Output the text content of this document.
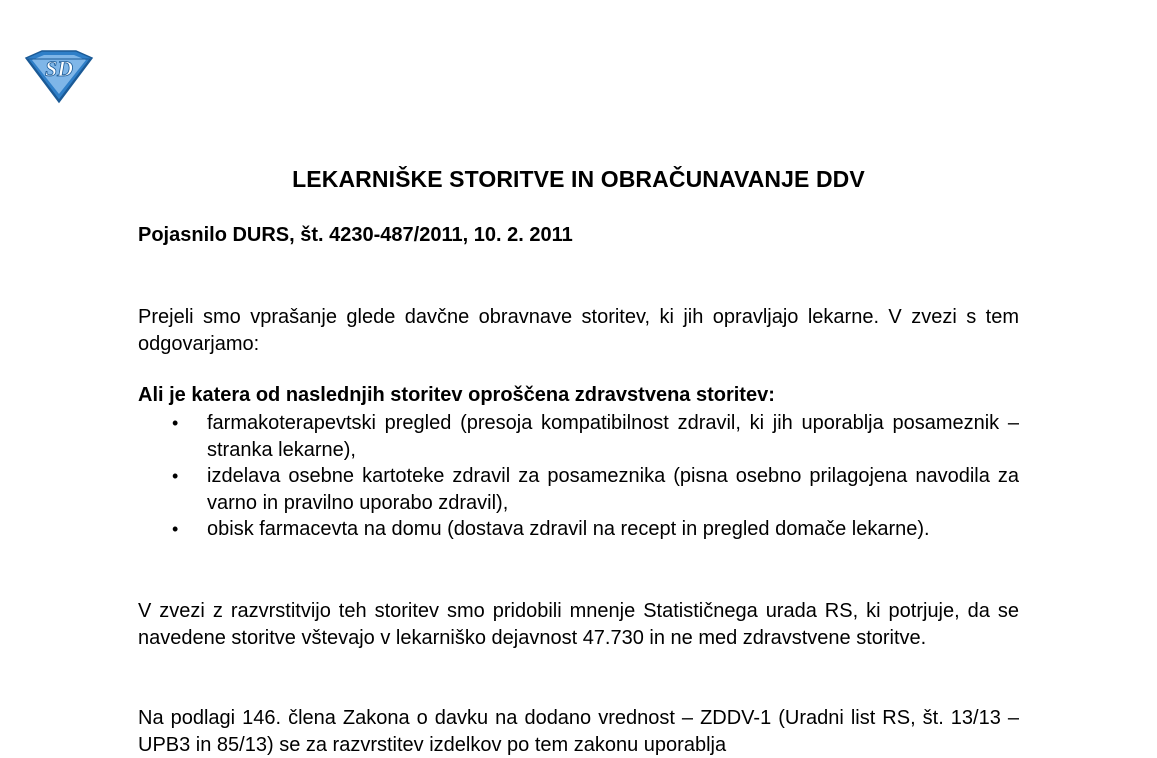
SD
LEKARNIŠKE STORITVE IN OBRAČUNAVANJE DDV
Pojasnilo DURS, št. 4230-487/2011, 10. 2. 2011
Prejeli smo vprašanje glede davčne obravnave storitev, ki jih opravljajo lekarne. V zvezi s tem odgovarjamo:
Ali je katera od naslednjih storitev oproščena zdravstvena storitev:
• farmakoterapevtski pregled (presoja kompatibilnost zdravil, ki jih uporablja posameznik – stranka lekarne),
• izdelava osebne kartoteke zdravil za posameznika (pisna osebno prilagojena navodila za varno in pravilno uporabo zdravil),
• obisk farmacevta na domu (dostava zdravil na recept in pregled domače lekarne).
V zvezi z razvrstitvijo teh storitev smo pridobili mnenje Statističnega urada RS, ki potrjuje, da se navedene storitve vštevajo v lekarniško dejavnost 47.730 in ne med zdravstvene storitve.
Na podlagi 146. člena Zakona o davku na dodano vrednost – ZDDV-1 (Uradni list RS, št. 13/13 – UPB3 in 85/13) se za razvrstitev izdelkov po tem zakonu uporablja
